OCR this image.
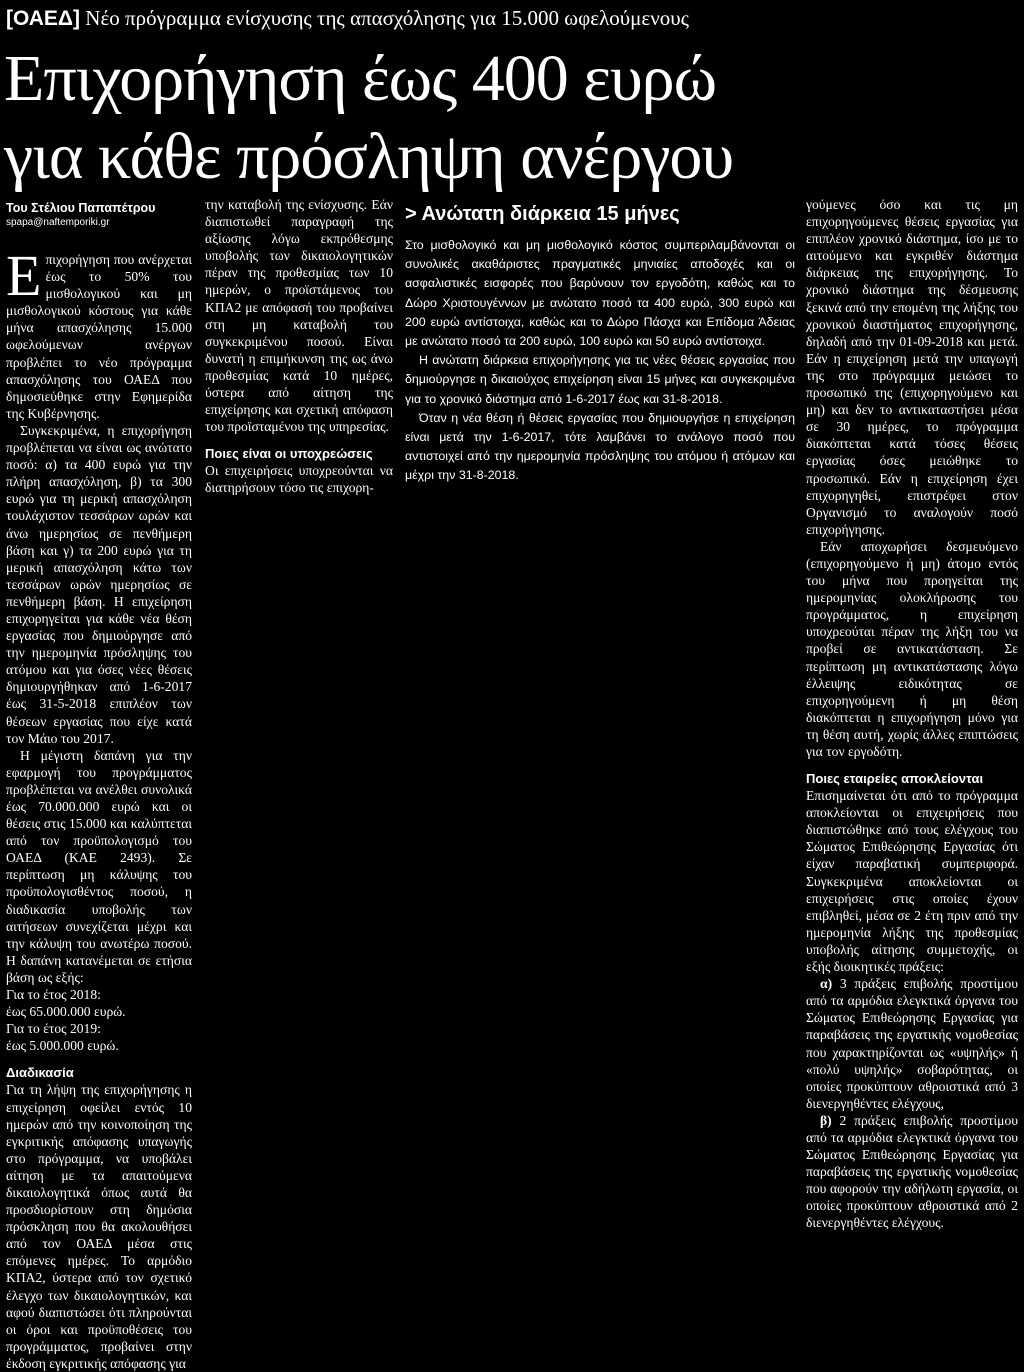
[ΟΑΕΔ] Νέο πρόγραμμα ενίσχυσης της απασχόλησης για 15.000 ωφελούμενους
Επιχορήγηση έως 400 ευρώ
για κάθε πρόσληψη ανέργου
Του Στέλιου Παπαπέτρου
spapa@naftemporiki.gr

Επιχορήγηση που ανέρχεται έως το 50% του μισθολογικού και μη μισθολογικού κόστους για κάθε μήνα απασχόλησης 15.000 ωφελούμενων ανέργων προβλέπει το νέο πρόγραμμα απασχόλησης του ΟΑΕΔ που δημοσιεύθηκε στην Εφημερίδα της Κυβέρνησης.

Συγκεκριμένα, η επιχορήγηση προβλέπεται να είναι ως ανώτατο ποσό: α) τα 400 ευρώ για την πλήρη απασχόληση, β) τα 300 ευρώ για τη μερική απασχόληση τουλάχιστον τεσσάρων ωρών και άνω ημερησίως σε πενθήμερη βάση και γ) τα 200 ευρώ για τη μερική απασχόληση κάτω των τεσσάρων ωρών ημερησίως σε πενθήμερη βάση. Η επιχείρηση επιχορηγείται για κάθε νέα θέση εργασίας που δημιούργησε από την ημερομηνία πρόσληψης του ατόμου και για όσες νέες θέσεις δημιουργήθηκαν από 1-6-2017 έως 31-5-2018 επιπλέον των θέσεων εργασίας που είχε κατά τον Μάιο του 2017.

Η μέγιστη δαπάνη για την εφαρμογή του προγράμματος προβλέπεται να ανέλθει συνολικά έως 70.000.000 ευρώ και οι θέσεις στις 15.000 και καλύπτεται από τον προϋπολογισμό του ΟΑΕΔ (ΚΑΕ 2493). Σε περίπτωση μη κάλυψης του προϋπολογισθέντος ποσού, η διαδικασία υποβολής των αιτήσεων συνεχίζεται μέχρι και την κάλυψη του ανωτέρω ποσού. Η δαπάνη κατανέμεται σε ετήσια βάση ως εξής:

Για το έτος 2018:

έως 65.000.000 ευρώ.

Για το έτος 2019:

έως 5.000.000 ευρώ.

Διαδικασία

Για τη λήψη της επιχορήγησης η επιχείρηση οφείλει εντός 10 ημερών από την κοινοποίηση της εγκριτικής απόφασης υπαγωγής στο πρόγραμμα, να υποβάλει αίτηση με τα απαιτούμενα δικαιολογητικά όπως αυτά θα προσδιορίστουν στη δημόσια πρόσκληση που θα ακολουθήσει από τον ΟΑΕΔ μέσα στις επόμενες ημέρες. Το αρμόδιο ΚΠΑ2, ύστερα από τον σχετικό έλεγχο των δικαιολογητικών, και αφού διαπιστώσει ότι πληρούνται οι όροι και προϋποθέσεις του προγράμματος, προβαίνει στην έκδοση εγκριτικής απόφασης για

την καταβολή της ενίσχυσης. Εάν διαπιστωθεί παραγραφή της αξίωσης λόγω εκπρόθεσμης υποβολής των δικαιολογητικών πέραν της προθεσμίας των 10 ημερών, ο προϊστάμενος του ΚΠΑ2 με απόφασή του προβαίνει στη μη καταβολή του συγκεκριμένου ποσού. Είναι δυνατή η επιμήκυνση της ως άνω προθεσμίας κατά 10 ημέρες, ύστερα από αίτηση της επιχείρησης και σχετική απόφαση του προϊσταμένου της υπηρεσίας.

Ποιες είναι οι υποχρεώσεις

Οι επιχειρήσεις υποχρεούνται να διατηρήσουν τόσο τις επιχορη-

> Ανώτατη διάρκεια 15 μήνες

Στο μισθολογικό και μη μισθολογικό κόστος συμπεριλαμβάνονται οι συνολικές ακαθάριστες πραγματικές μηνιαίες αποδοχές και οι ασφαλιστικές εισφορές που βαρύνουν τον εργοδότη, καθώς και το Δώρο Χριστουγέννων με ανώτατο ποσό τα 400 ευρώ, 300 ευρώ και 200 ευρώ αντίστοιχα, καθώς και το Δώρο Πάσχα και Επίδομα Άδειας με ανώτατο ποσό τα 200 ευρώ, 100 ευρώ και 50 ευρώ αντίστοιχα.

Η ανώτατη διάρκεια επιχορήγησης για τις νέες θέσεις εργασίας που δημιούργησε η δικαιούχος επιχείρηση είναι 15 μήνες και συγκεκριμένα για το χρονικό διάστημα από 1-6-2017 έως και 31-8-2018.

Όταν η νέα θέση ή θέσεις εργασίας που δημιουργήσε η επιχείρηση είναι μετά την 1-6-2017, τότε λαμβάνει το ανάλογο ποσό που αντιστοιχεί από την ημερομηνία πρόσληψης του ατόμου ή ατόμων και μέχρι την 31-8-2018.

γούμενες όσο και τις μη επιχορηγούμενες θέσεις εργασίας για επιπλέον χρονικό διάστημα, ίσο με το αιτούμενο και εγκριθέν διάστημα διάρκειας της επιχορήγησης. Το χρονικό διάστημα της δέσμευσης ξεκινά από την επομένη της λήξης του χρονικού διαστήματος επιχορήγησης, δηλαδή από την 01-09-2018 και μετά. Εάν η επιχείρηση μετά την υπαγωγή της στο πρόγραμμα μειώσει το προσωπικό της (επιχορηγούμενο και μη) και δεν το αντικαταστήσει μέσα σε 30 ημέρες, το πρόγραμμα διακόπτεται κατά τόσες θέσεις εργασίας όσες μειώθηκε το προσωπικό. Εάν η επιχείρηση έχει επιχορηγηθεί, επιστρέφει στον Οργανισμό το αναλογούν ποσό επιχορήγησης.

Εάν αποχωρήσει δεσμευόμενο (επιχορηγούμενο ή μη) άτομο εντός του μήνα που προηγείται της ημερομηνίας ολοκλήρωσης του προγράμματος, η επιχείρηση υποχρεούται πέραν της λήξη του να προβεί σε αντικατάσταση. Σε περίπτωση μη αντικατάστασης λόγω έλλειψης ειδικότητας σε επιχορηγούμενη ή μη θέση διακόπτεται η επιχορήγηση μόνο για τη θέση αυτή, χωρίς άλλες επιπτώσεις για τον εργοδότη.

Ποιες εταιρείες αποκλείονται

Επισημαίνεται ότι από το πρόγραμμα αποκλείονται οι επιχειρήσεις που διαπιστώθηκε από τους ελέγχους του Σώματος Επιθεώρησης Εργασίας ότι είχαν παραβατική συμπεριφορά. Συγκεκριμένα αποκλείονται οι επιχειρήσεις στις οποίες έχουν επιβληθεί, μέσα σε 2 έτη πριν από την ημερομηνία λήξης της προθεσμίας υποβολής αίτησης συμμετοχής, οι εξής διοικητικές πράξεις:

α) 3 πράξεις επιβολής προστίμου από τα αρμόδια ελεγκτικά όργανα του Σώματος Επιθεώρησης Εργασίας για παραβάσεις της εργατικής νομοθεσίας που χαρακτηρίζονται ως «υψηλής» ή «πολύ υψηλής» σοβαρότητας, οι οποίες προκύπτουν αθροιστικά από 3 διενεργηθέντες ελέγχους,

β) 2 πράξεις επιβολής προστίμου από τα αρμόδια ελεγκτικά όργανα του Σώματος Επιθεώρησης Εργασίας για παραβάσεις της εργατικής νομοθεσίας που αφορούν την αδήλωτη εργασία, οι οποίες προκύπτουν αθροιστικά από 2 διενεργηθέντες ελέγχους.
